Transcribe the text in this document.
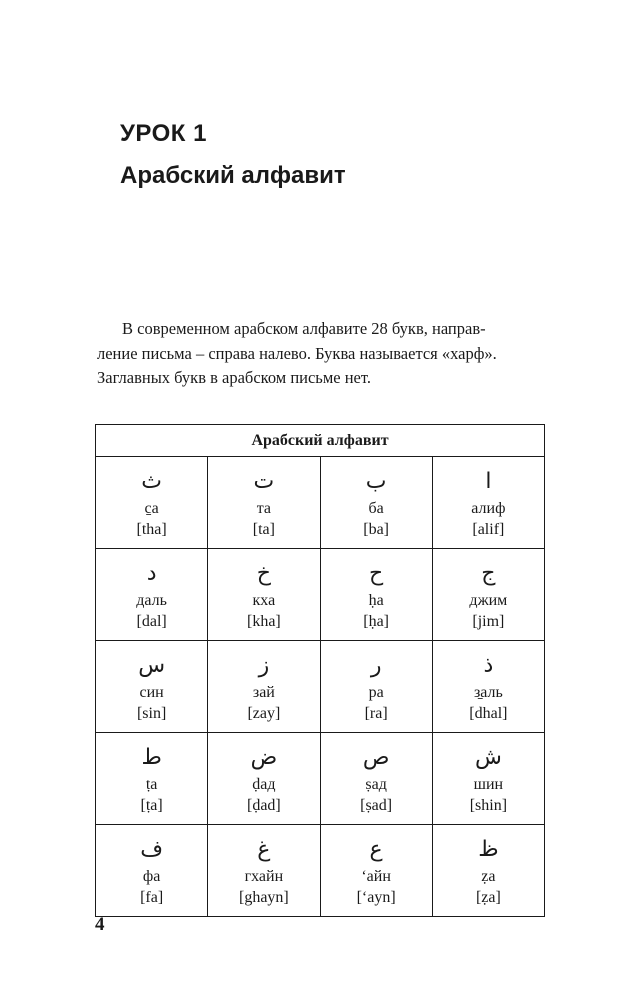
УРОК 1
Арабский алфавит

В современном арабском алфавите 28 букв, направ-
ление письма – справа налево. Буква называется «харф».
Заглавных букв в арабском письме нет.

Арабский алфавит			

ث
c̱a
[tha]	ت
та
[ta]	ب
ба
[ba]	ا
алиф
[alif]

د
даль
[dal]	خ
кха
[kha]	ح
ḥa
[ḥa]	ج
джим
[jim]

س
син
[sin]	ز
зай
[zay]	ر
ра
[ra]	ذ
з̱аль
[dhal]

ط
ṭa
[ṭa]	ض
ḍад
[ḍad]	ص
ṣад
[ṣad]	ش
шин
[shin]

ف
фа
[fa]	غ
гхайн
[ghayn]	ع
‘айн
[‘ayn]	ظ
ẓa
[ẓa]
4
